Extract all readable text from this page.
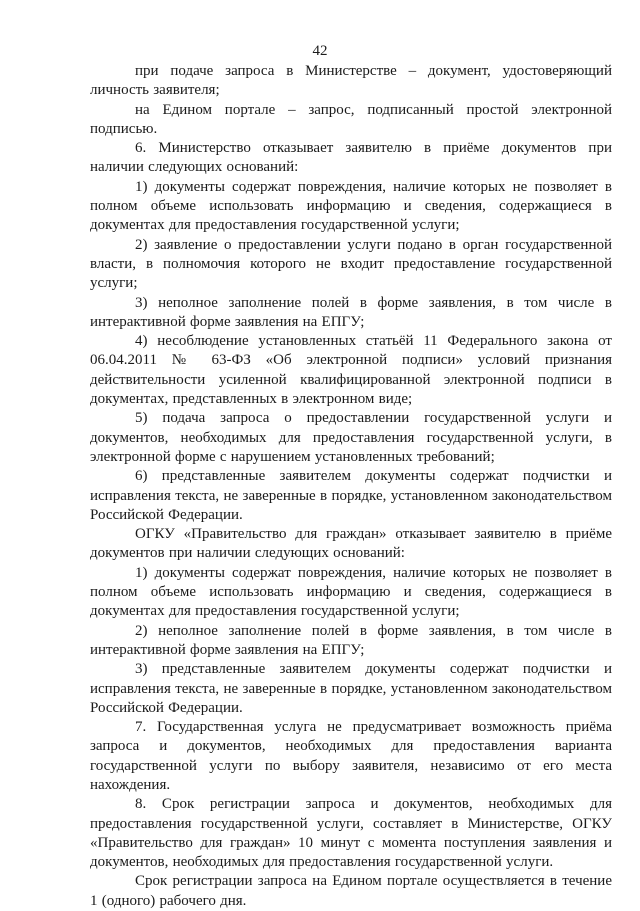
42

при подаче запроса в Министерстве – документ, удостоверяющий личность заявителя;

на Едином портале – запрос, подписанный простой электронной подписью.

6. Министерство отказывает заявителю в приёме документов при наличии следующих оснований:

1) документы содержат повреждения, наличие которых не позволяет в полном объеме использовать информацию и сведения, содержащиеся в документах для предоставления государственной услуги;

2) заявление о предоставлении услуги подано в орган государственной власти, в полномочия которого не входит предоставление государственной услуги;

3) неполное заполнение полей в форме заявления, в том числе в интерактивной форме заявления на ЕПГУ;

4) несоблюдение установленных статьёй 11 Федерального закона от 06.04.2011 № 63-ФЗ «Об электронной подписи» условий признания действительности усиленной квалифицированной электронной подписи в документах, представленных в электронном виде;

5) подача запроса о предоставлении государственной услуги и документов, необходимых для предоставления государственной услуги, в электронной форме с нарушением установленных требований;

6) представленные заявителем документы содержат подчистки и исправления текста, не заверенные в порядке, установленном законодательством Российской Федерации.

ОГКУ «Правительство для граждан» отказывает заявителю в приёме документов при наличии следующих оснований:

1) документы содержат повреждения, наличие которых не позволяет в полном объеме использовать информацию и сведения, содержащиеся в документах для предоставления государственной услуги;

2) неполное заполнение полей в форме заявления, в том числе в интерактивной форме заявления на ЕПГУ;

3) представленные заявителем документы содержат подчистки и исправления текста, не заверенные в порядке, установленном законодательством Российской Федерации.

7. Государственная услуга не предусматривает возможность приёма запроса и документов, необходимых для предоставления варианта государственной услуги по выбору заявителя, независимо от его места нахождения.

8. Срок регистрации запроса и документов, необходимых для предоставления государственной услуги, составляет в Министерстве, ОГКУ «Правительство для граждан» 10 минут с момента поступления заявления и документов, необходимых для предоставления государственной услуги.

Срок регистрации запроса на Едином портале осуществляется в течение 1 (одного) рабочего дня.
